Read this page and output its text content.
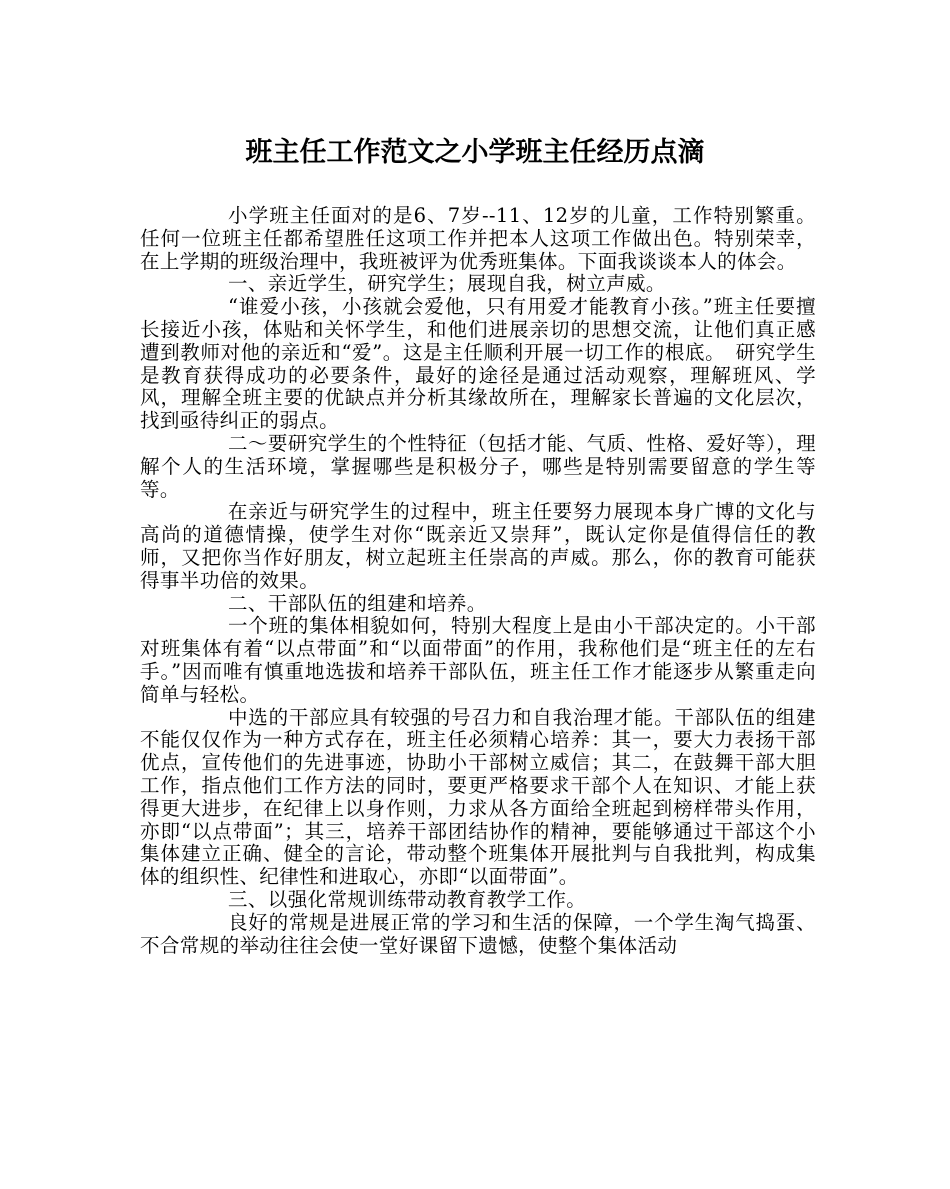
班主任工作范文之小学班主任经历点滴

小学班主任面对的是6、7岁--11、12岁的儿童，工作特别繁重。任何一位班主任都希望胜任这项工作并把本人这项工作做出色。特别荣幸，在上学期的班级治理中，我班被评为优秀班集体。下面我谈谈本人的体会。

一、亲近学生，研究学生；展现自我，树立声威。

“谁爱小孩，小孩就会爱他，只有用爱才能教育小孩。”班主任要擅长接近小孩，体贴和关怀学生，和他们进展亲切的思想交流，让他们真正感遭到教师对他的亲近和“爱”。这是主任顺利开展一切工作的根底。　研究学生是教育获得成功的必要条件，最好的途径是通过活动观察，理解班风、学风，理解全班主要的优缺点并分析其缘故所在，理解家长普遍的文化层次，找到亟待纠正的弱点。

二～要研究学生的个性特征（包括才能、气质、性格、爱好等），理解个人的生活环境，掌握哪些是积极分子，哪些是特别需要留意的学生等等。

在亲近与研究学生的过程中，班主任要努力展现本身广博的文化与高尚的道德情操，使学生对你“既亲近又崇拜”，既认定你是值得信任的教师，又把你当作好朋友，树立起班主任崇高的声威。那么，你的教育可能获得事半功倍的效果。

二、干部队伍的组建和培养。

一个班的集体相貌如何，特别大程度上是由小干部决定的。小干部对班集体有着“以点带面”和“以面带面”的作用，我称他们是“班主任的左右手。”因而唯有慎重地选拔和培养干部队伍，班主任工作才能逐步从繁重走向简单与轻松。

中选的干部应具有较强的号召力和自我治理才能。干部队伍的组建不能仅仅作为一种方式存在，班主任必须精心培养：其一，要大力表扬干部优点，宣传他们的先进事迹，协助小干部树立威信；其二，在鼓舞干部大胆工作，指点他们工作方法的同时，要更严格要求干部个人在知识、才能上获得更大进步，在纪律上以身作则，力求从各方面给全班起到榜样带头作用，亦即“以点带面”；其三，培养干部团结协作的精神，要能够通过干部这个小集体建立正确、健全的言论，带动整个班集体开展批判与自我批判，构成集体的组织性、纪律性和进取心，亦即“以面带面”。

三、以强化常规训练带动教育教学工作。

良好的常规是进展正常的学习和生活的保障，一个学生淘气捣蛋、不合常规的举动往往会使一堂好课留下遗憾，使整个集体活动
